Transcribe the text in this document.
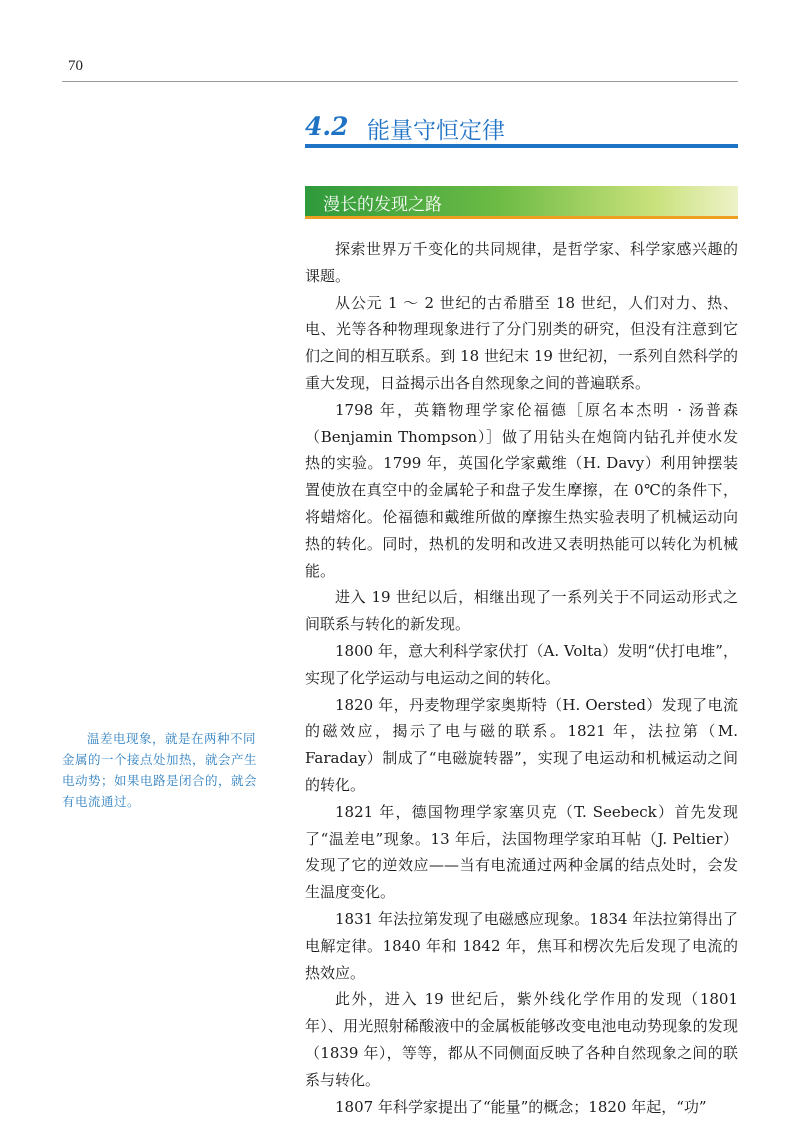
70
4.2 能量守恒定律
漫长的发现之路

温差电现象，就是在两种不同金属的一个接点处加热，就会产生电动势；如果电路是闭合的，就会有电流通过。

探索世界万千变化的共同规律，是哲学家、科学家感兴趣的课题。

从公元 1 ～ 2 世纪的古希腊至 18 世纪，人们对力、热、电、光等各种物理现象进行了分门别类的研究，但没有注意到它们之间的相互联系。到 18 世纪末 19 世纪初，一系列自然科学的重大发现，日益揭示出各自然现象之间的普遍联系。

1798 年，英籍物理学家伦福德［原名本杰明 · 汤普森（Benjamin Thompson）］做了用钻头在炮筒内钻孔并使水发热的实验。1799 年，英国化学家戴维（H. Davy）利用钟摆装置使放在真空中的金属轮子和盘子发生摩擦，在 0℃的条件下，将蜡熔化。伦福德和戴维所做的摩擦生热实验表明了机械运动向热的转化。同时，热机的发明和改进又表明热能可以转化为机械能。

进入 19 世纪以后，相继出现了一系列关于不同运动形式之间联系与转化的新发现。

1800 年，意大利科学家伏打（A. Volta）发明“伏打电堆”，实现了化学运动与电运动之间的转化。

1820 年，丹麦物理学家奥斯特（H. Oersted）发现了电流的磁效应，揭示了电与磁的联系。1821 年，法拉第（M. Faraday）制成了“电磁旋转器”，实现了电运动和机械运动之间的转化。

1821 年，德国物理学家塞贝克（T. Seebeck）首先发现了“温差电”现象。13 年后，法国物理学家珀耳帖（J. Peltier）发现了它的逆效应——当有电流通过两种金属的结点处时，会发生温度变化。

1831 年法拉第发现了电磁感应现象。1834 年法拉第得出了电解定律。1840 年和 1842 年，焦耳和楞次先后发现了电流的热效应。

此外，进入 19 世纪后，紫外线化学作用的发现（1801 年）、用光照射稀酸液中的金属板能够改变电池电动势现象的发现（1839 年），等等，都从不同侧面反映了各种自然现象之间的联系与转化。

1807 年科学家提出了“能量”的概念；1820 年起，“功”
